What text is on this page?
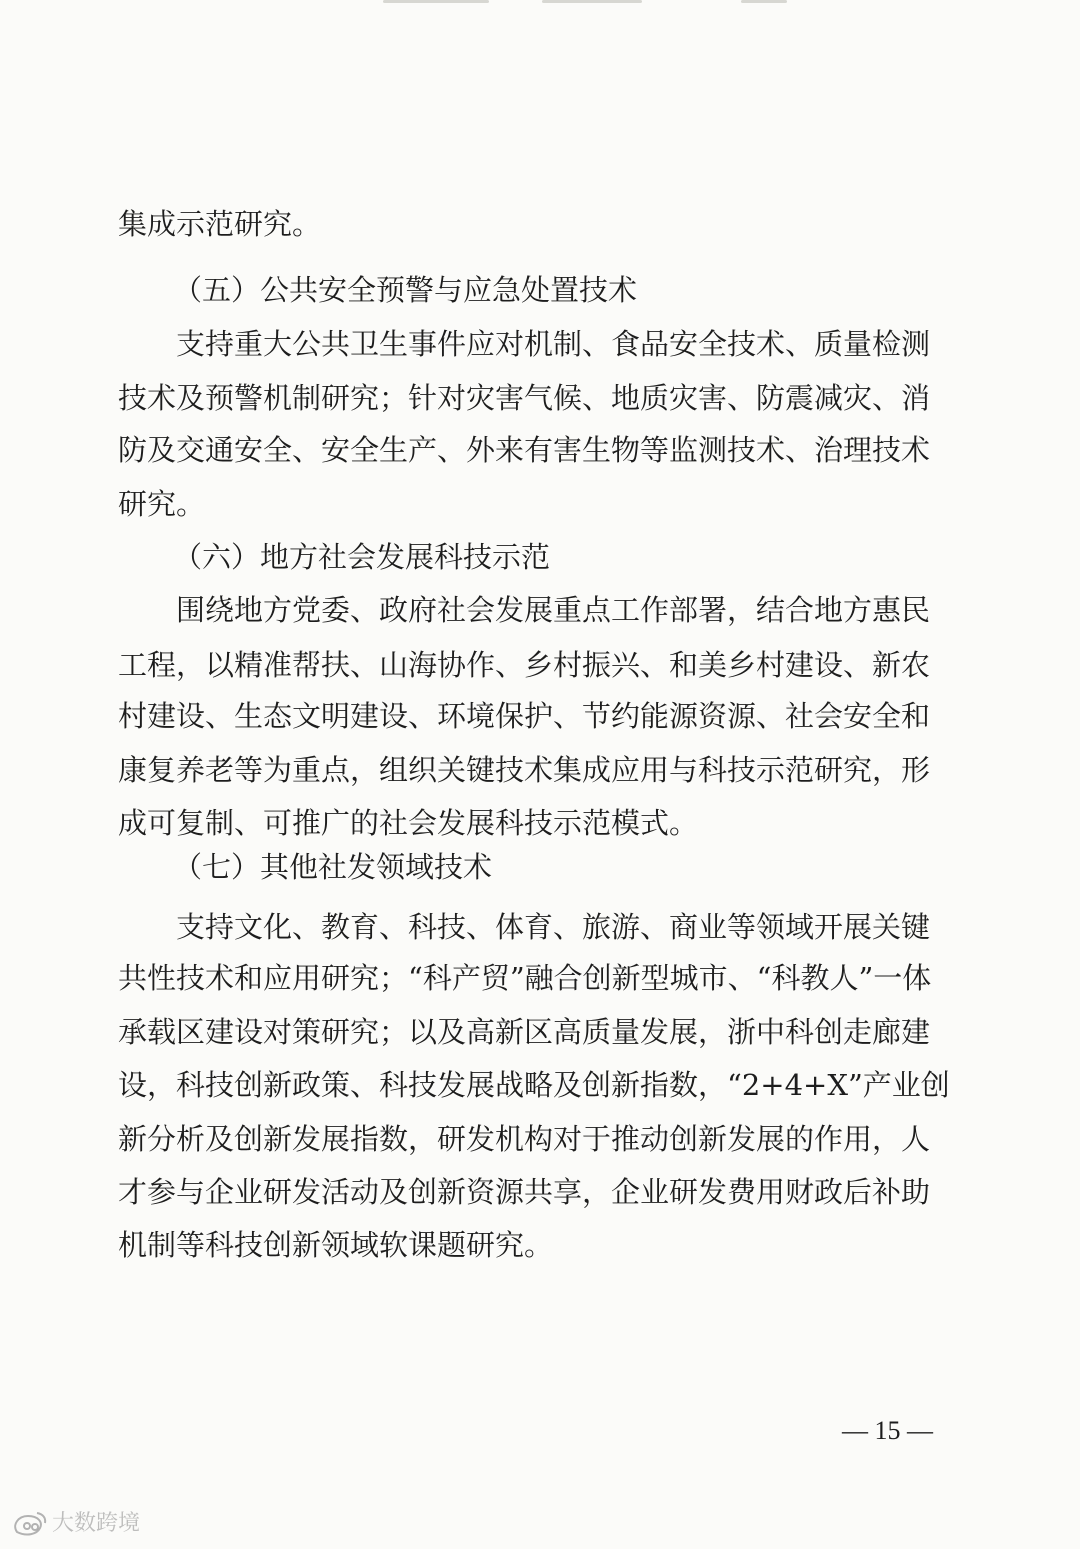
集成示范研究。
（五）公共安全预警与应急处置技术
支持重大公共卫生事件应对机制、食品安全技术、质量检测
技术及预警机制研究；针对灾害气候、地质灾害、防震减灾、消
防及交通安全、安全生产、外来有害生物等监测技术、治理技术
研究。
（六）地方社会发展科技示范
围绕地方党委、政府社会发展重点工作部署，结合地方惠民
工程，以精准帮扶、山海协作、乡村振兴、和美乡村建设、新农
村建设、生态文明建设、环境保护、节约能源资源、社会安全和
康复养老等为重点，组织关键技术集成应用与科技示范研究，形
成可复制、可推广的社会发展科技示范模式。
（七）其他社发领域技术
支持文化、教育、科技、体育、旅游、商业等领域开展关键
共性技术和应用研究；“科产贸”融合创新型城市、“科教人”一体
承载区建设对策研究；以及高新区高质量发展，浙中科创走廊建
设，科技创新政策、科技发展战略及创新指数，“2+4+X”产业创
新分析及创新发展指数，研发机构对于推动创新发展的作用，人
才参与企业研发活动及创新资源共享，企业研发费用财政后补助
机制等科技创新领域软课题研究。
— 15 —
大数跨境
